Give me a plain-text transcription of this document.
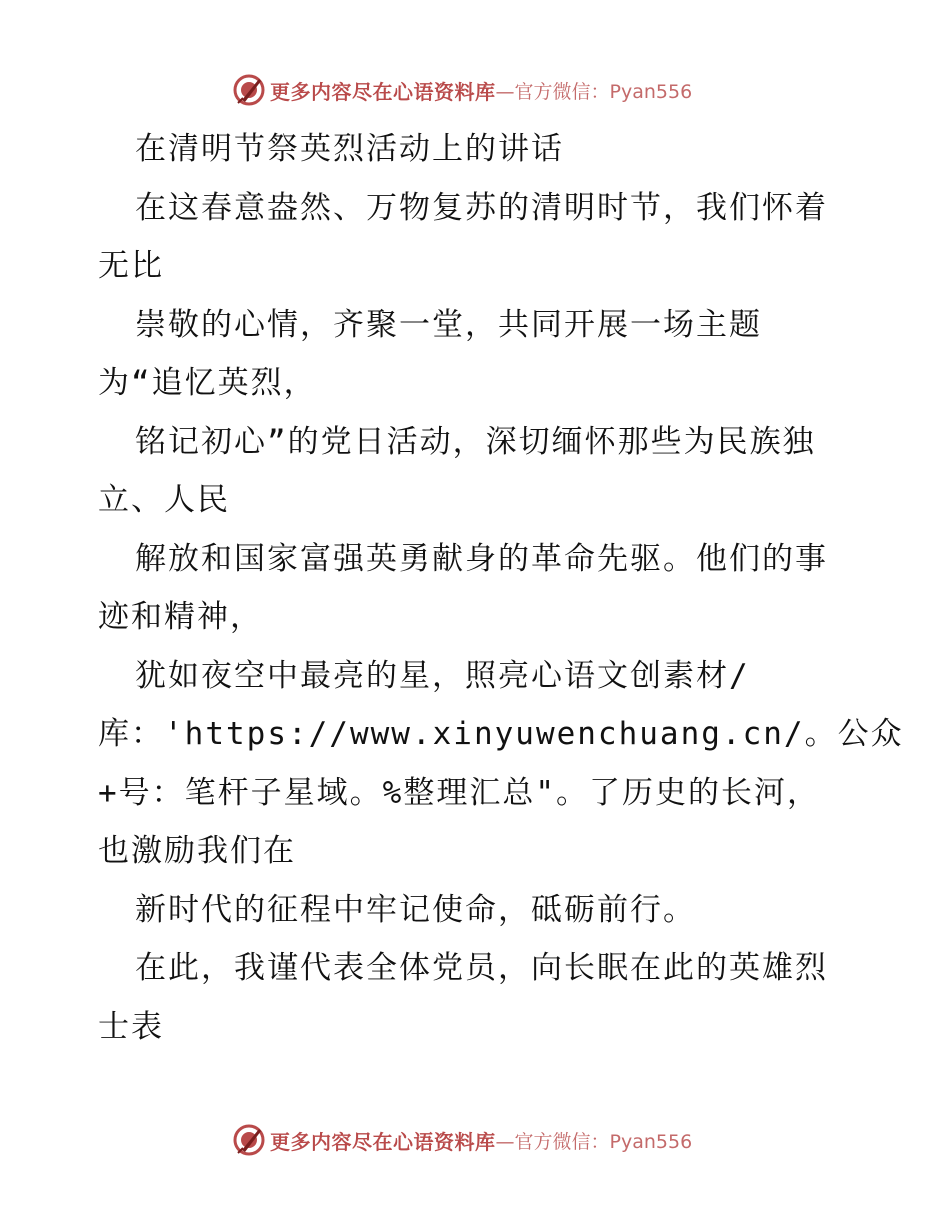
更多内容尽在心语资料库 —官方微信：Pyan556
在清明节祭英烈活动上的讲话
在这春意盎然、万物复苏的清明时节，我们怀着
无比
崇敬的心情，齐聚一堂，共同开展一场主题
为“追忆英烈，
铭记初心”的党日活动，深切缅怀那些为民族独
立、人民
解放和国家富强英勇献身的革命先驱。他们的事
迹和精神，
犹如夜空中最亮的星，照亮心语文创素材/
库：'https://www.xinyuwenchuang.cn/。公众
+号：笔杆子星域。%整理汇总"。了历史的长河，
也激励我们在
新时代的征程中牢记使命，砥砺前行。
在此，我谨代表全体党员，向长眠在此的英雄烈
士表
更多内容尽在心语资料库 —官方微信：Pyan556
